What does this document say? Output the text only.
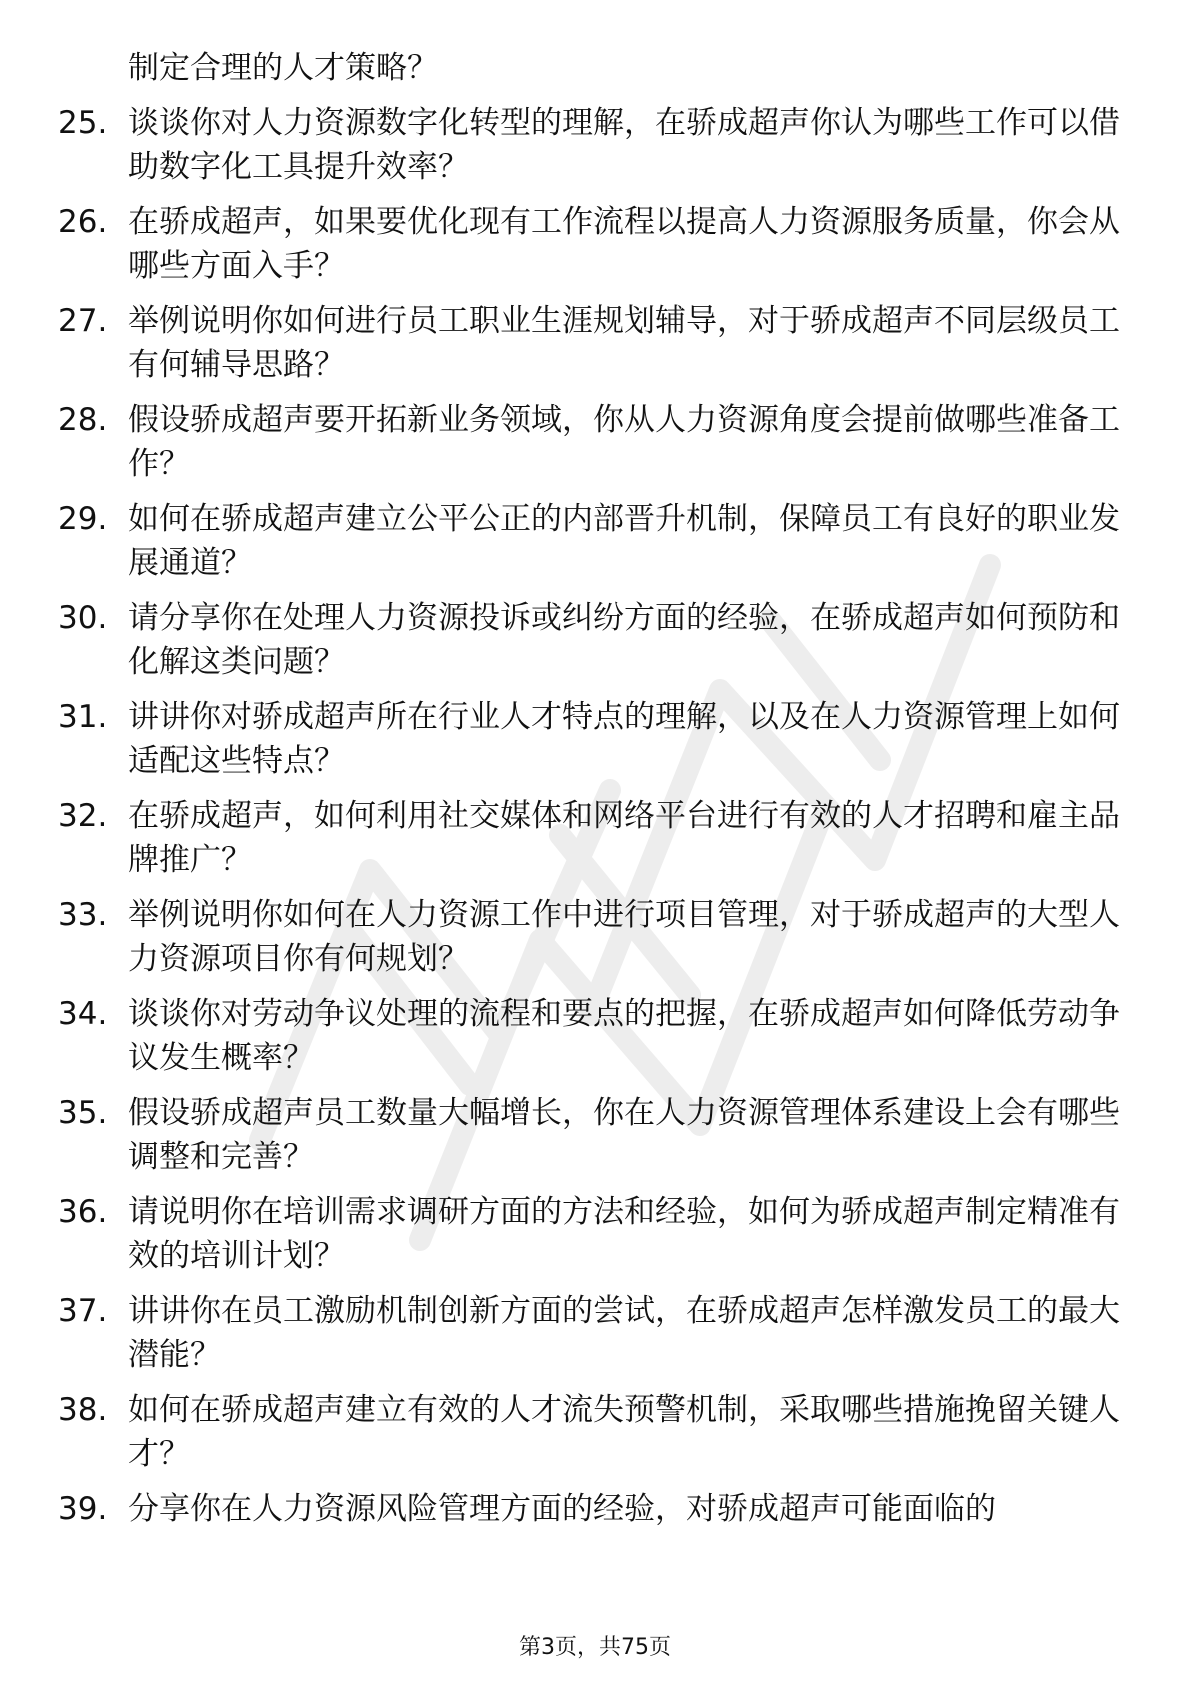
制定合理的人才策略？
25. 谈谈你对人力资源数字化转型的理解，在骄成超声你认为哪些工作可以借助数字化工具提升效率？
26. 在骄成超声，如果要优化现有工作流程以提高人力资源服务质量，你会从哪些方面入手？
27. 举例说明你如何进行员工职业生涯规划辅导，对于骄成超声不同层级员工有何辅导思路？
28. 假设骄成超声要开拓新业务领域，你从人力资源角度会提前做哪些准备工作？
29. 如何在骄成超声建立公平公正的内部晋升机制，保障员工有良好的职业发展通道？
30. 请分享你在处理人力资源投诉或纠纷方面的经验，在骄成超声如何预防和化解这类问题？
31. 讲讲你对骄成超声所在行业人才特点的理解，以及在人力资源管理上如何适配这些特点？
32. 在骄成超声，如何利用社交媒体和网络平台进行有效的人才招聘和雇主品牌推广？
33. 举例说明你如何在人力资源工作中进行项目管理，对于骄成超声的大型人力资源项目你有何规划？
34. 谈谈你对劳动争议处理的流程和要点的把握，在骄成超声如何降低劳动争议发生概率？
35. 假设骄成超声员工数量大幅增长，你在人力资源管理体系建设上会有哪些调整和完善？
36. 请说明你在培训需求调研方面的方法和经验，如何为骄成超声制定精准有效的培训计划？
37. 讲讲你在员工激励机制创新方面的尝试，在骄成超声怎样激发员工的最大潜能？
38. 如何在骄成超声建立有效的人才流失预警机制，采取哪些措施挽留关键人才？
39. 分享你在人力资源风险管理方面的经验，对骄成超声可能面临的
第3页，共75页
